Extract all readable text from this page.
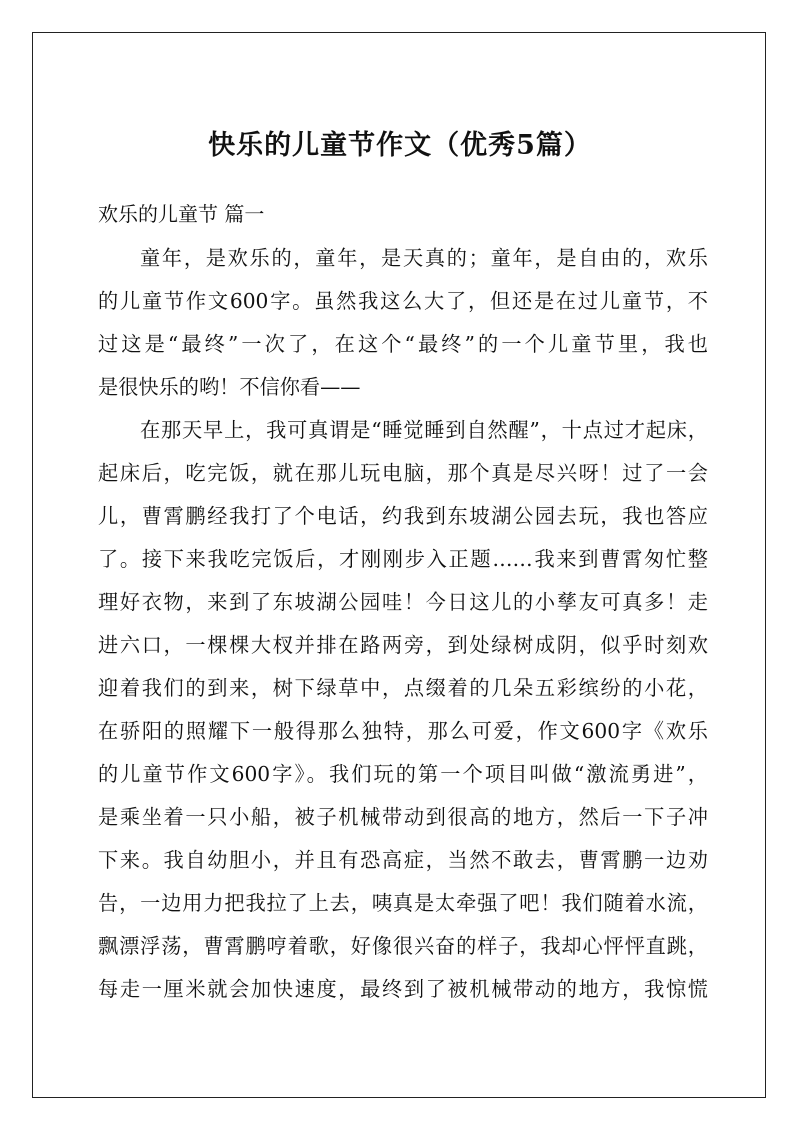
快乐的儿童节作文（优秀5篇）
欢乐的儿童节 篇一
童年，是欢乐的，童年，是天真的；童年，是自由的，欢乐
的儿童节作文600字。虽然我这么大了，但还是在过儿童节，不
过这是“最终”一次了，在这个“最终”的一个儿童节里，我也
是很快乐的哟！不信你看——
在那天早上，我可真谓是“睡觉睡到自然醒”，十点过才起床，
起床后，吃完饭，就在那儿玩电脑，那个真是尽兴呀！过了一会
儿，曹霄鹏经我打了个电话，约我到东坡湖公园去玩，我也答应
了。接下来我吃完饭后，才刚刚步入正题……我来到曹霄匆忙整
理好衣物，来到了东坡湖公园哇！今日这儿的小孳友可真多！走
进六口，一棵棵大杈并排在路两旁，到处绿树成阴，似乎时刻欢
迎着我们的到来，树下绿草中，点缀着的几朵五彩缤纷的小花，
在骄阳的照耀下一般得那么独特，那么可爱，作文600字《欢乐
的儿童节作文600字》。我们玩的第一个项目叫做“激流勇进”，
是乘坐着一只小船，被子机械带动到很高的地方，然后一下子冲
下来。我自幼胆小，并且有恐高症，当然不敢去，曹霄鹏一边劝
告，一边用力把我拉了上去，咦真是太牵强了吧！我们随着水流，
飘漂浮荡，曹霄鹏哼着歌，好像很兴奋的样子，我却心怦怦直跳，
每走一厘米就会加快速度，最终到了被机械带动的地方，我惊慌
